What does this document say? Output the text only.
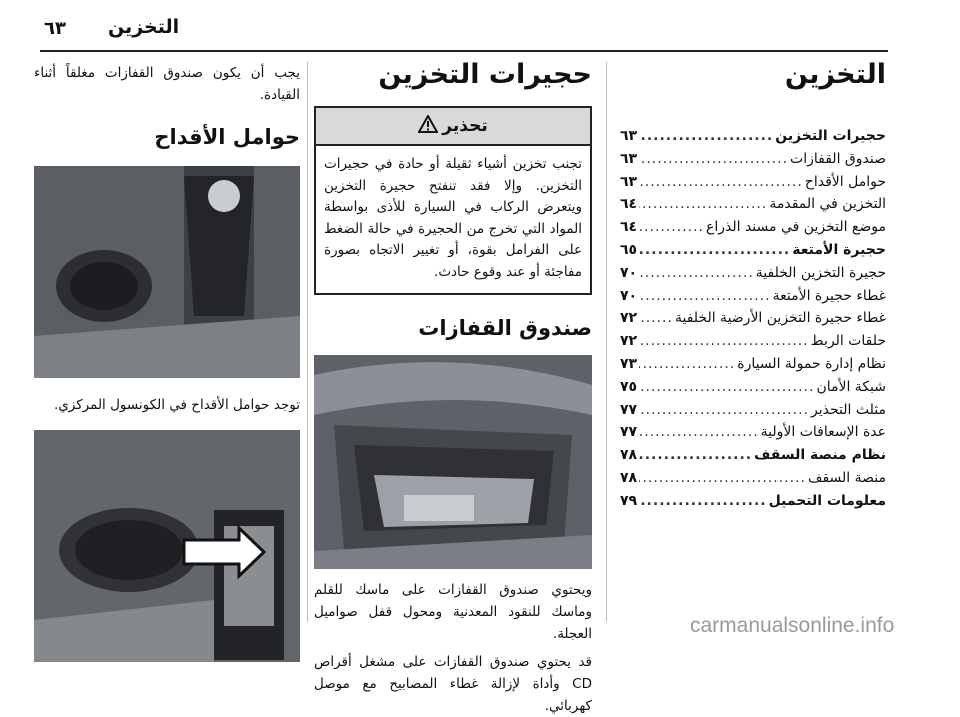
٦٣ التخزين
التخزين
حجيرات التخزين
.....
٦٣
صندوق القفازات
.....
٦٣
حوامل الأقداح
.....
٦٣
التخزين في المقدمة
.....
٦٤
موضع التخزين في مسند الذراع
.....
٦٤
حجيرة الأمتعة
.....
٦٥
حجيرة التخزين الخلفية
.....
٧٠
غطاء حجيرة الأمتعة
.....
٧٠
غطاء حجيرة التخزين الأرضية الخلفية
.....
٧٢
حلقات الربط
.....
٧٢
نظام إدارة حمولة السيارة
.....
٧٣
شبكة الأمان
.....
٧٥
مثلث التحذير
.....
٧٧
عدة الإسعافات الأولية
.....
٧٧
نظام منصة السقف
.....
٧٨
منصة السقف
.....
٧٨
معلومات التحميل
.....
٧٩
حجيرات التخزين
تحذير
تجنب تخزين أشياء ثقيلة أو حادة في حجيرات التخزين. وإلا فقد تنفتح حجيرة التخزين ويتعرض الركاب في السيارة للأذى بواسطة المواد التي تخرج من الحجيرة في حالة الضغط على الفرامل بقوة، أو تغيير الاتجاه بصورة مفاجئة أو عند وقوع حادث.
صندوق القفازات

ويحتوي صندوق القفازات على ماسك للقلم وماسك للنقود المعدنية ومحول قفل صواميل العجلة.

قد يحتوي صندوق القفازات على مشغل أقراص CD وأداة لإزالة غطاء المصابيح مع موصل كهربائي.

يجب أن يكون صندوق القفازات مغلقاً أثناء القيادة.

حوامل الأقداح

توجد حوامل الأقداح في الكونسول المركزي.

carmanualsonline.info
